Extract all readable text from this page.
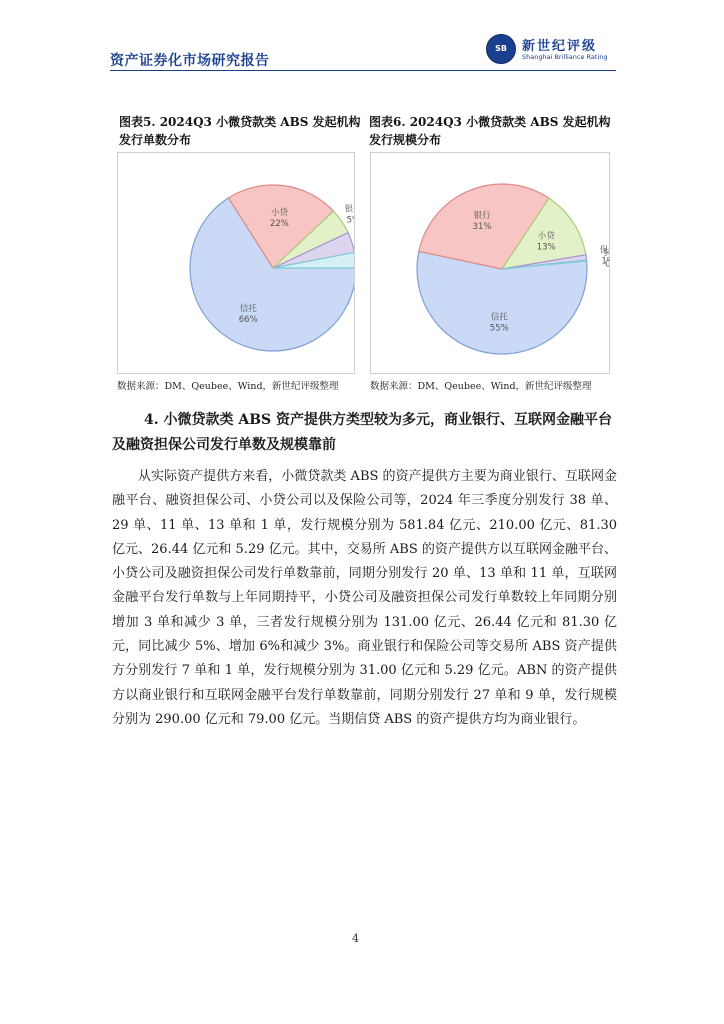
资产证券化市场研究报告
SB 新世纪评级
Shanghai Brilliance Rating
图表5. 2024Q3 小微贷款类 ABS 发起机构
发行单数分布
信托
66%
小贷
22%
银
5
数据来源：DM、Qeubee、Wind，新世纪评级整理
图表6. 2024Q3 小微贷款类 ABS 发起机构
发行规模分布
信托
55%
银行
31%
小贷
13%	保
1
其
0
数据来源：DM、Qeubee、Wind，新世纪评级整理
4. 小微贷款类 ABS 资产提供方类型较为多元，商业银行、互联网金融平台
及融资担保公司发行单数及规模靠前
从实际资产提供方来看，小微贷款类 ABS 的资产提供方主要为商业银行、互联网金融平台、融资担保公司、小贷公司以及保险公司等，2024 年三季度分别发行 38 单、29 单、11 单、13 单和 1 单，发行规模分别为 581.84 亿元、210.00 亿元、81.30 亿元、26.44 亿元和 5.29 亿元。其中，交易所 ABS 的资产提供方以互联网金融平台、小贷公司及融资担保公司发行单数靠前，同期分别发行 20 单、13 单和 11 单，互联网金融平台发行单数与上年同期持平，小贷公司及融资担保公司发行单数较上年同期分别增加 3 单和减少 3 单，三者发行规模分别为 131.00 亿元、26.44 亿元和 81.30 亿元，同比减少 5%、增加 6%和减少 3%。商业银行和保险公司等交易所 ABS 资产提供方分别发行 7 单和 1 单，发行规模分别为 31.00 亿元和 5.29 亿元。ABN 的资产提供方以商业银行和互联网金融平台发行单数靠前，同期分别发行 27 单和 9 单，发行规模分别为 290.00 亿元和 79.00 亿元。当期信贷 ABS 的资产提供方均为商业银行。
4
